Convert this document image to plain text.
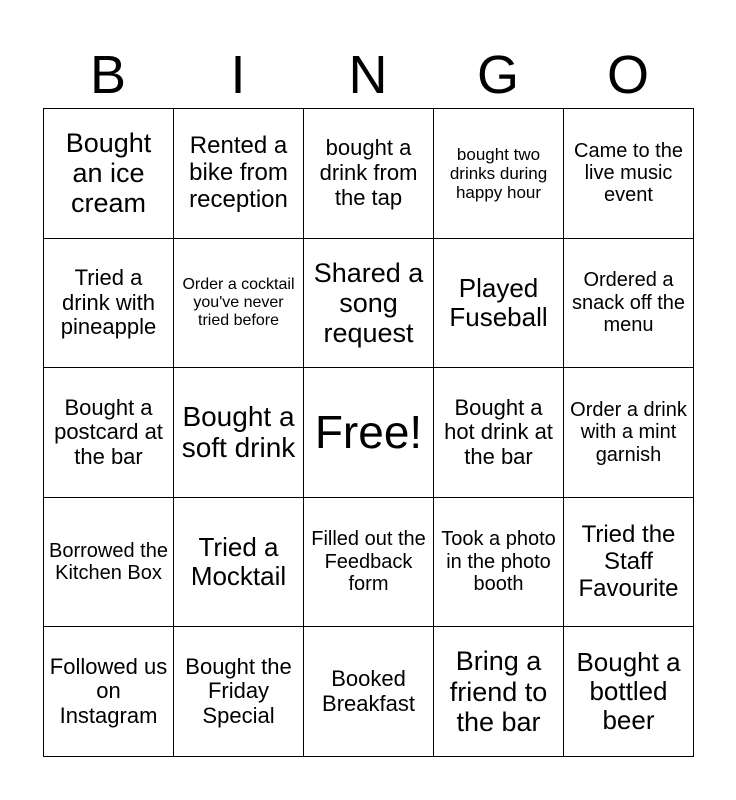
B	I	N	G	O
Bought an ice cream	Rented a bike from reception	bought a drink from the tap	bought two drinks during happy hour	Came to the live music event
Tried a drink with pineapple	Order a cocktail you've never tried before	Shared a song request	Played Fuseball	Ordered a snack off the menu
Bought a postcard at the bar	Bought a soft drink	Free!	Bought a hot drink at the bar	Order a drink with a mint garnish
Borrowed the Kitchen Box	Tried a Mocktail	Filled out the Feedback form	Took a photo in the photo booth	Tried the Staff Favourite
Followed us on Instagram	Bought the Friday Special	Booked Breakfast	Bring a friend to the bar	Bought a bottled beer
